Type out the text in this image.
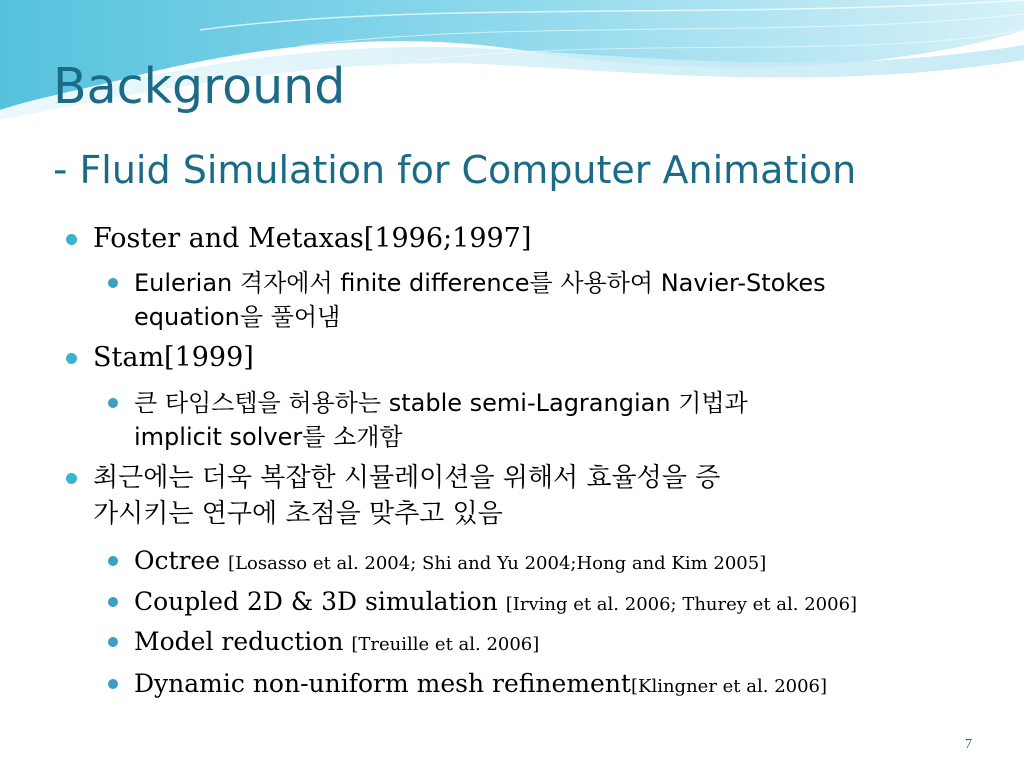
Background
- Fluid Simulation for Computer Animation
Foster and Metaxas[1996;1997]
Eulerian 격자에서 finite difference를 사용하여 Navier-Stokes
equation을 풀어냄
Stam[1999]
큰 타임스텝을 허용하는 stable semi-Lagrangian 기법과
implicit solver를 소개함
최근에는 더욱 복잡한 시뮬레이션을 위해서 효율성을 증
가시키는 연구에 초점을 맞추고 있음
Octree [Losasso et al. 2004; Shi and Yu 2004;Hong and Kim 2005]
Coupled 2D & 3D simulation [Irving et al. 2006; Thurey et al. 2006]
Model reduction [Treuille et al. 2006]
Dynamic non-uniform mesh refinement[Klingner et al. 2006]
7
